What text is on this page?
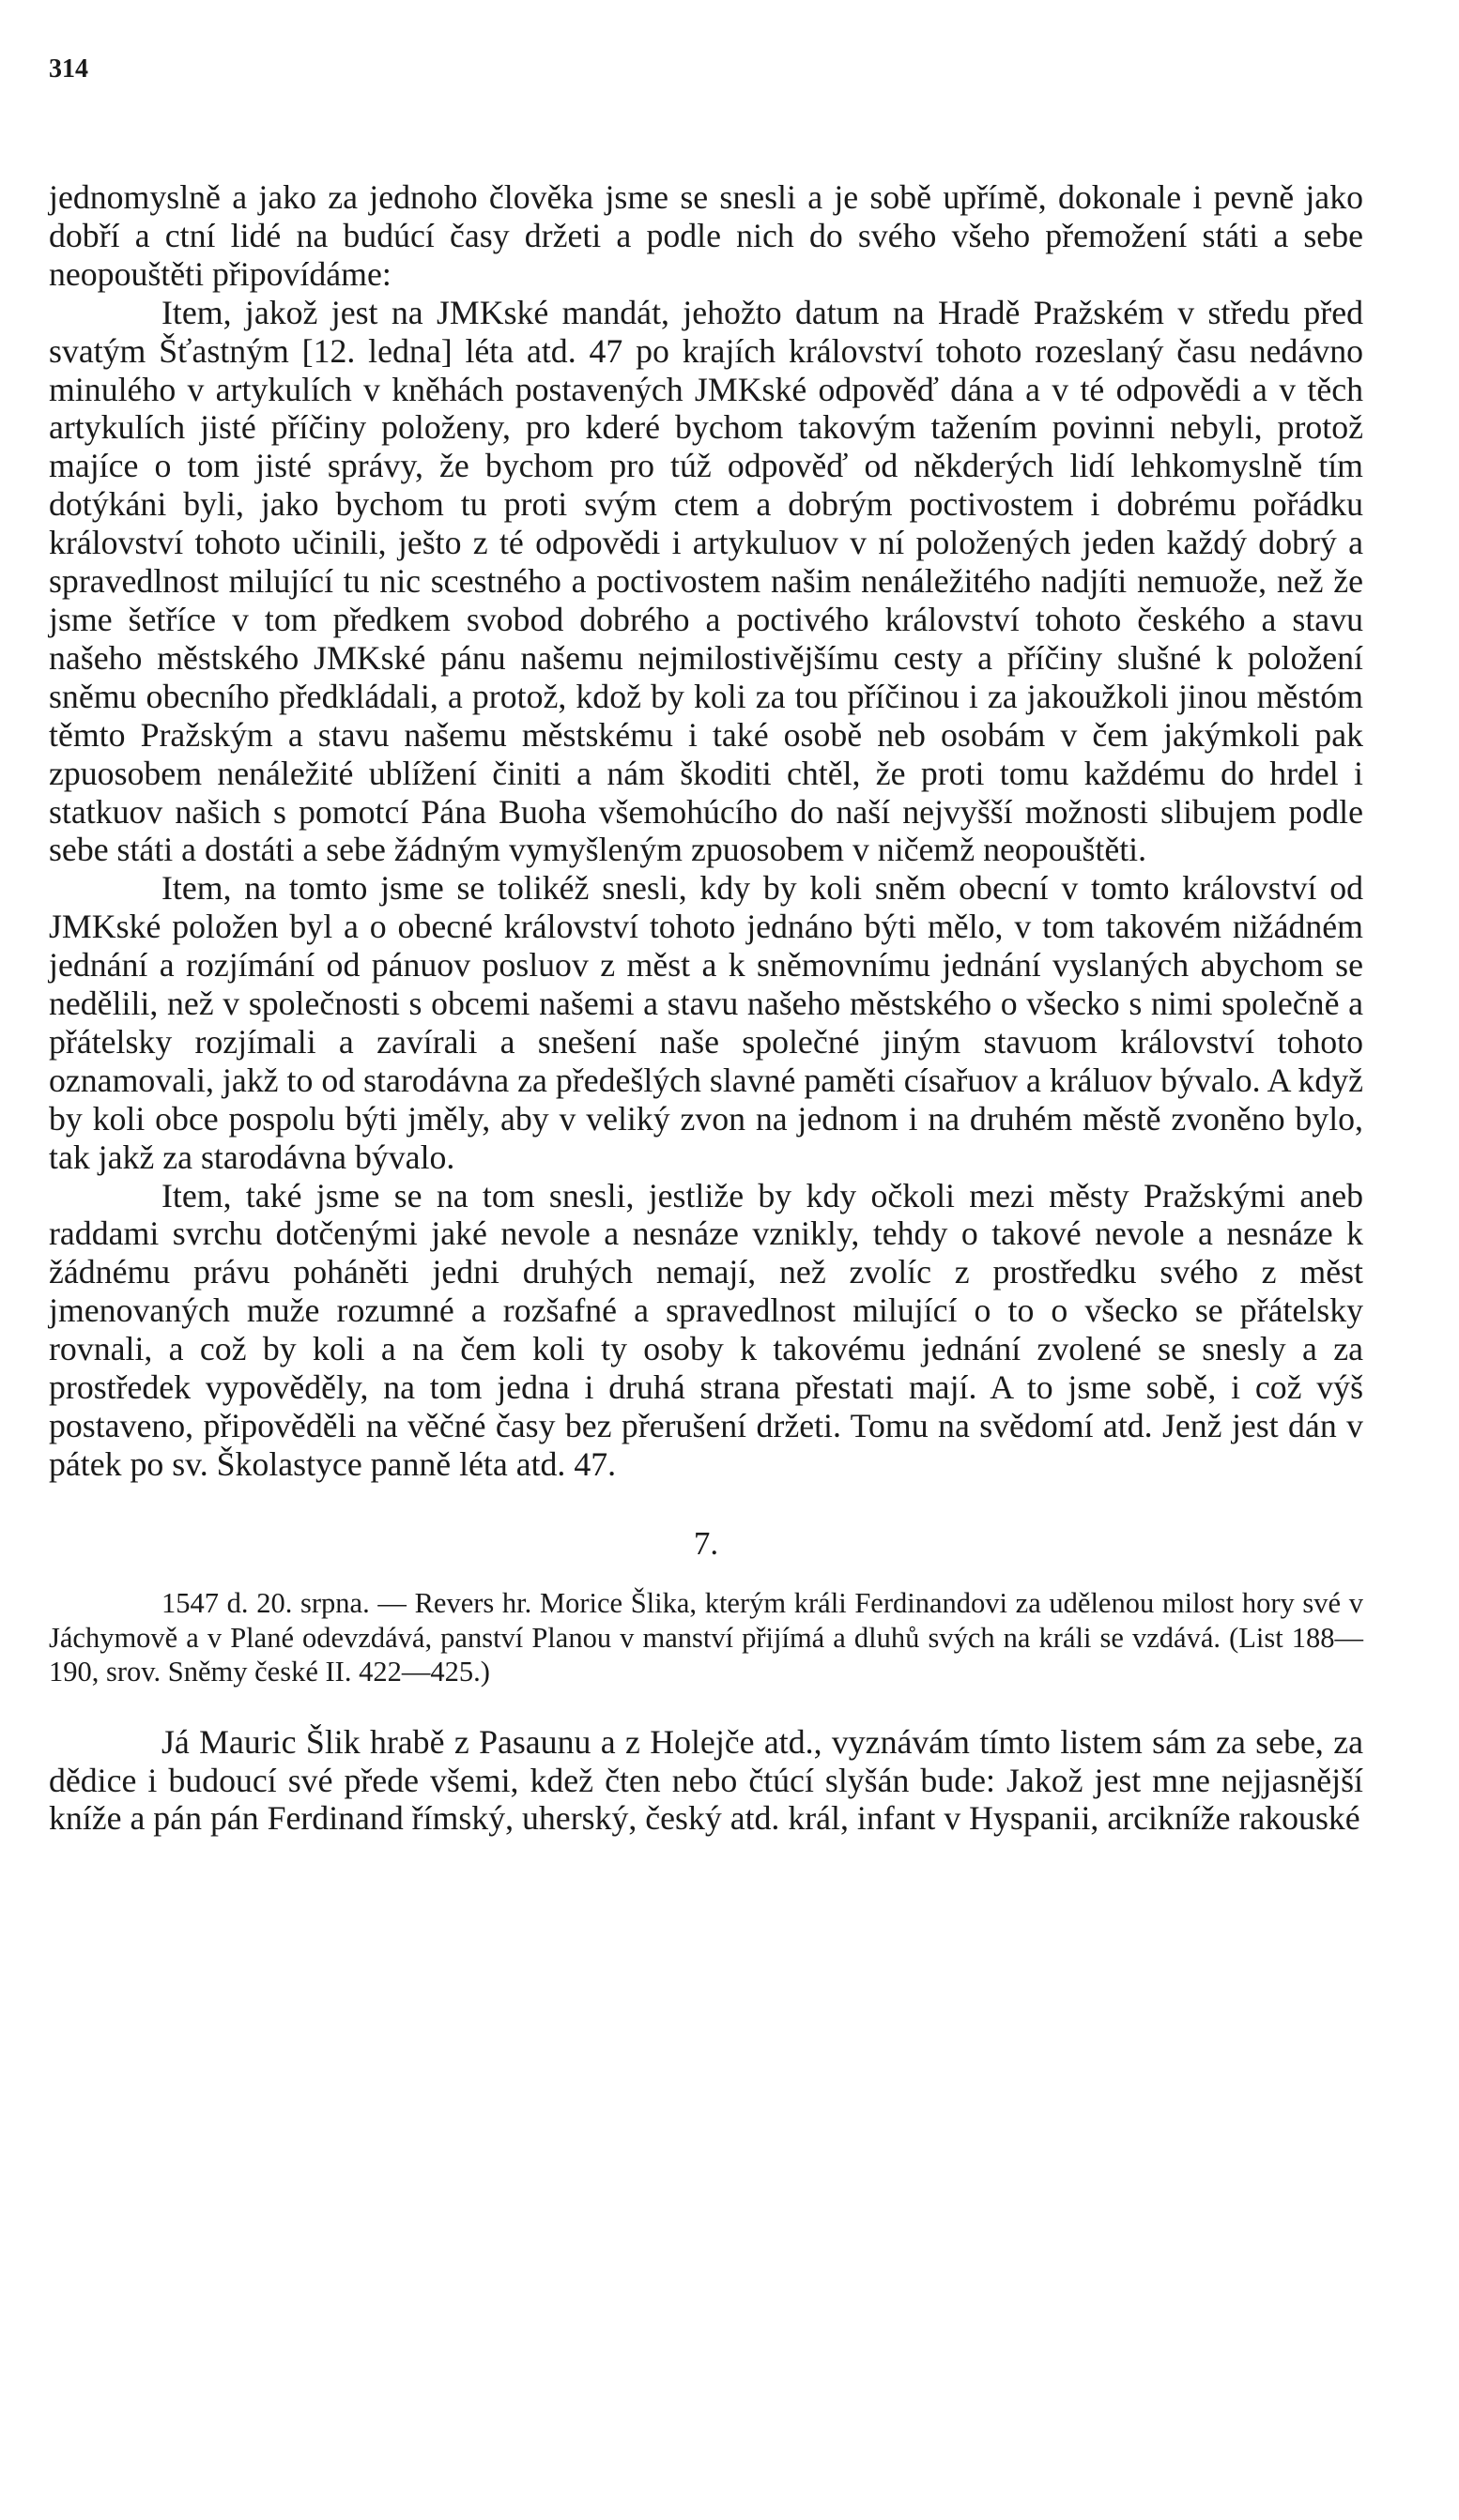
314

jednomyslně a jako za jednoho člověka jsme se snesli a je sobě upřímě, dokonale i pevně jako dobří a ctní lidé na budúcí časy držeti a podle nich do svého všeho přemožení státi a sebe neopouštěti připovídáme:

Item, jakož jest na JMKské mandát, jehožto datum na Hradě Pražském v středu před svatým Šťastným [12. ledna] léta atd. 47 po krajích království tohoto rozeslaný času nedávno minulého v artykulích v kněhách postavených JMKské odpověď dána a v té odpovědi a v těch artykulích jisté příčiny položeny, pro kderé bychom takovým tažením povinni nebyli, protož majíce o tom jisté správy, že bychom pro túž odpověď od někderých lidí lehkomyslně tím dotýkáni byli, jako bychom tu proti svým ctem a dobrým poctivostem i dobrému pořádku království tohoto učinili, ješto z té odpovědi i artykuluov v ní položených jeden každý dobrý a spravedlnost milující tu nic scestného a poctivostem našim nenáležitého nadjíti nemuože, než že jsme šetříce v tom předkem svobod dobrého a poctivého království tohoto českého a stavu našeho městského JMKské pánu našemu nejmilostivějšímu cesty a příčiny slušné k položení sněmu obecního předkládali, a protož, kdož by koli za tou příčinou i za jakoužkoli jinou městóm těmto Pražským a stavu našemu městskému i také osobě neb osobám v čem jakýmkoli pak zpuosobem nenáležité ublížení činiti a nám škoditi chtěl, že proti tomu každému do hrdel i statkuov našich s pomotcí Pána Buoha všemohúcího do naší nejvyšší možnosti slibujem podle sebe státi a dostáti a sebe žádným vymyšleným zpuosobem v ničemž neopouštěti.

Item, na tomto jsme se tolikéž snesli, kdy by koli sněm obecní v tomto království od JMKské položen byl a o obecné království tohoto jednáno býti mělo, v tom takovém nižádném jednání a rozjímání od pánuov posluov z měst a k sněmovnímu jednání vyslaných abychom se nedělili, než v společnosti s obcemi našemi a stavu našeho městského o všecko s nimi společně a přátelsky rozjímali a zavírali a snešení naše společné jiným stavuom království tohoto oznamovali, jakž to od starodávna za předešlých slavné paměti císařuov a králuov bývalo. A když by koli obce pospolu býti jměly, aby v veliký zvon na jednom i na druhém městě zvoněno bylo, tak jakž za starodávna bývalo.

Item, také jsme se na tom snesli, jestliže by kdy očkoli mezi městy Pražskými aneb raddami svrchu dotčenými jaké nevole a nesnáze vznikly, tehdy o takové nevole a nesnáze k žádnému právu poháněti jedni druhých nemají, než zvolíc z prostředku svého z měst jmenovaných muže rozumné a rozšafné a spravedlnost milující o to o všecko se přátelsky rovnali, a což by koli a na čem koli ty osoby k takovému jednání zvolené se snesly a za prostředek vypověděly, na tom jedna i druhá strana přestati mají. A to jsme sobě, i což výš postaveno, připověděli na věčné časy bez přerušení držeti. Tomu na svědomí atd. Jenž jest dán v pátek po sv. Školastyce panně léta atd. 47.

7.

1547 d. 20. srpna. — Revers hr. Morice Šlika, kterým králi Ferdinandovi za udělenou milost hory své v Jáchymově a v Plané odevzdává, panství Planou v manství přijímá a dluhů svých na králi se vzdává. (List 188—190, srov. Sněmy české II. 422—425.)

Já Mauric Šlik hrabě z Pasaunu a z Holejče atd., vyznávám tímto listem sám za sebe, za dědice i budoucí své přede všemi, kdež čten nebo čtúcí slyšán bude: Jakož jest mne nejjasnější kníže a pán pán Ferdinand římský, uherský, český atd. král, infant v Hyspanii, arcikníže rakouské
